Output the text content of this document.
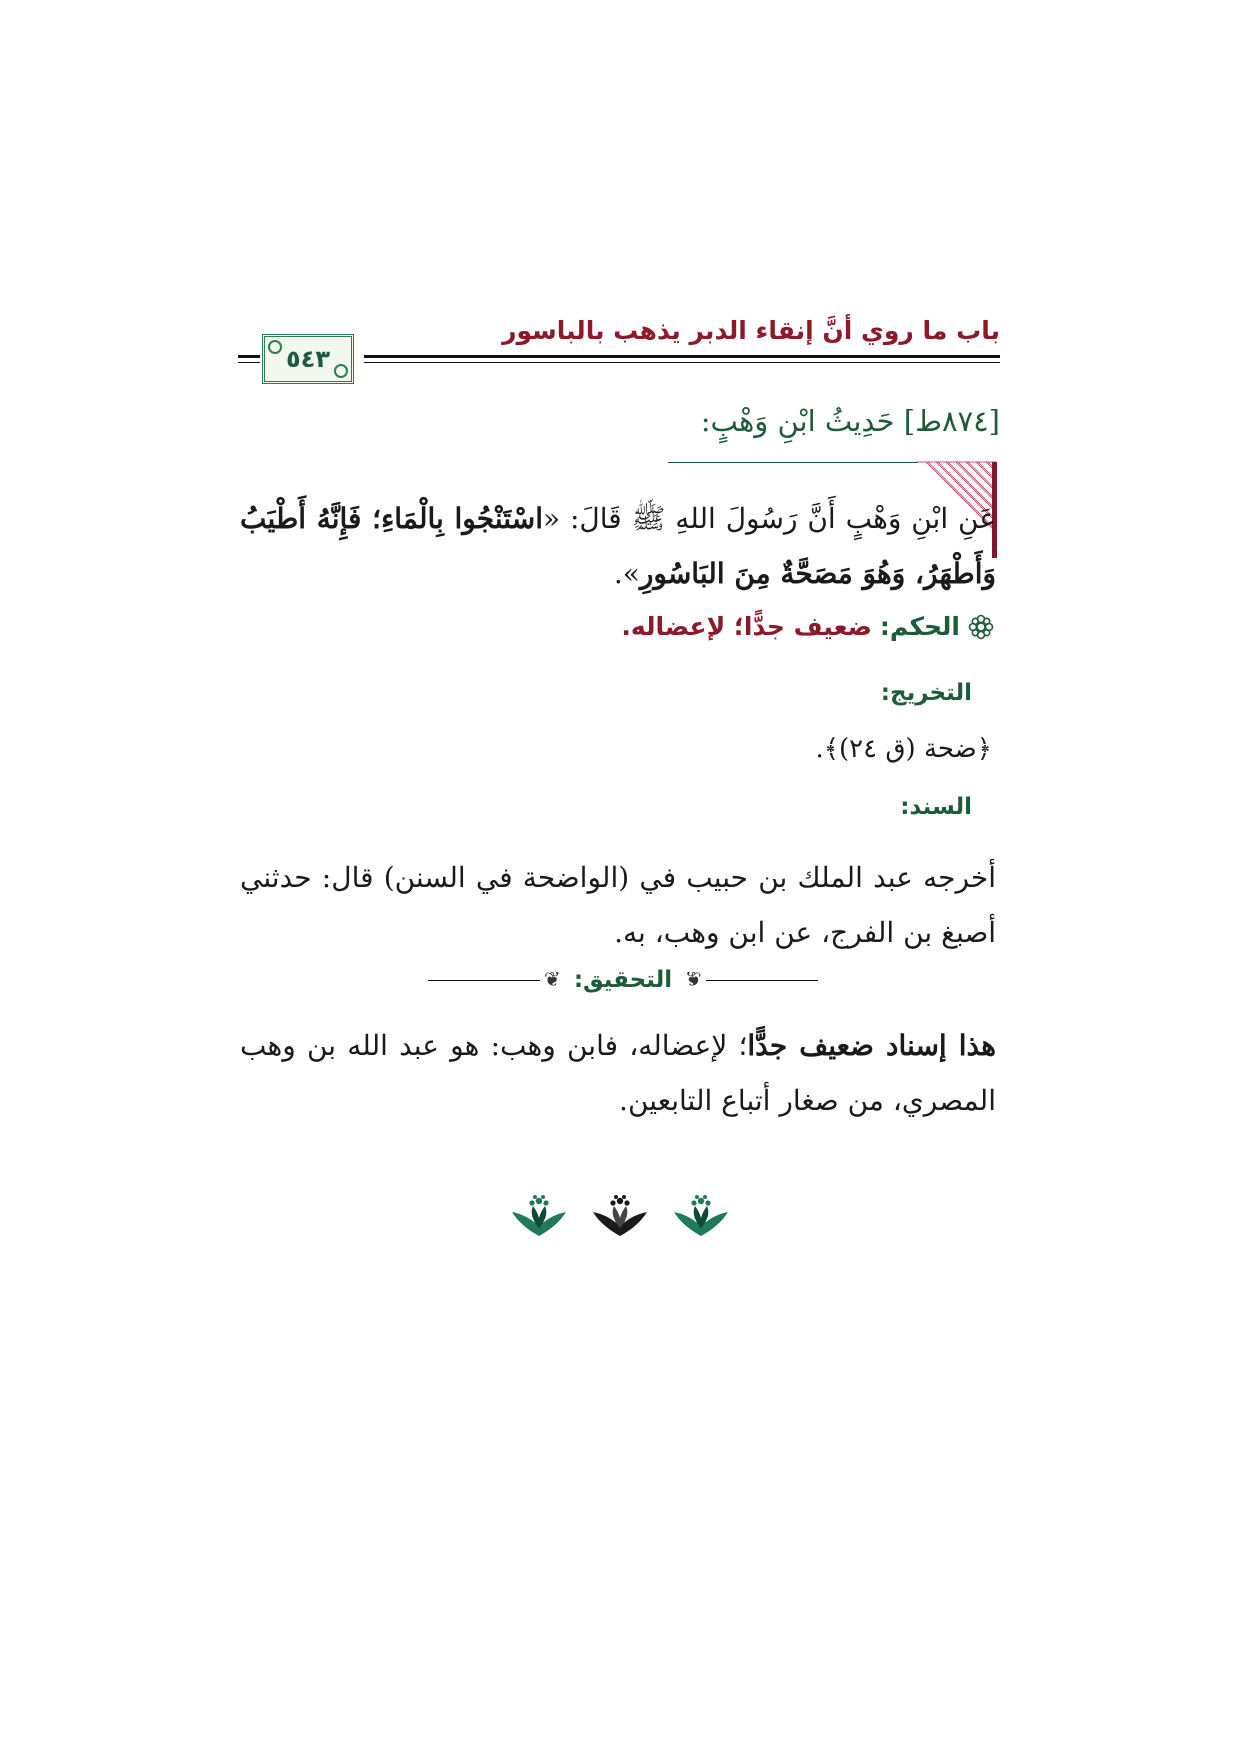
باب ما روي أنَّ إنقاء الدبر يذهب بالباسور
٥٤٣
[٨٧٤ط] حَدِيثُ ابْنِ وَهْبٍ:
عَنِ ابْنِ وَهْبٍ أَنَّ رَسُولَ اللهِ ﷺ قَالَ: «اسْتَنْجُوا بِالْمَاءِ؛ فَإِنَّهُ أَطْيَبُ وَأَطْهَرُ، وَهُوَ مَصَحَّةٌ مِنَ البَاسُورِ».
الحكم:
ضعيف جدًّا؛ لإعضاله.
التخريج:
﴿ضحة (ق ٢٤)﴾.
السند:
أخرجه عبد الملك بن حبيب في (الواضحة في السنن) قال: حدثني أصبغ بن الفرج، عن ابن وهب، به.
❦ التحقيق: ❦
هذا إسناد ضعيف جدًّا؛ لإعضاله، فابن وهب: هو عبد الله بن وهب المصري، من صغار أتباع التابعين.
